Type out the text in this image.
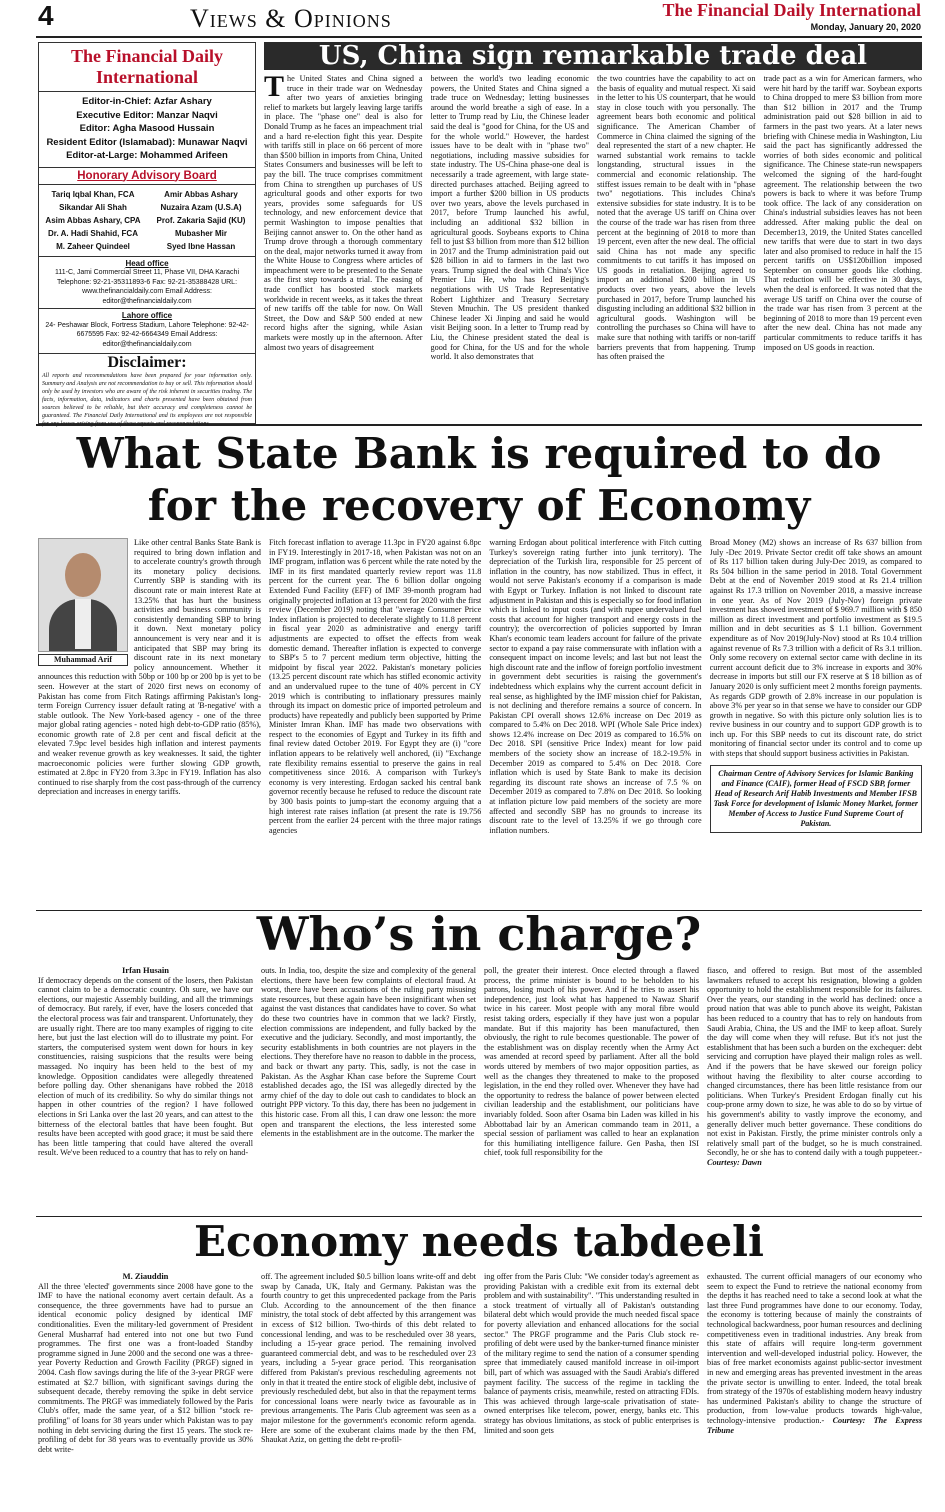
4	Views & Opinions	The Financial Daily International
Monday, January 20, 2020
The Financial Daily International
Editor-in-Chief: Azfar Ashary
Executive Editor: Manzar Naqvi
Editor: Agha Masood Hussain
Resident Editor (Islamabad): Munawar Naqvi
Editor-at-Large: Mohammed Arifeen
Honorary Advisory Board
Tariq Iqbal Khan, FCA	Amir Abbas Ashary
Sikandar Ali Shah	Nuzaira Azam (U.S.A)
Asim Abbas Ashary, CPA	Prof. Zakaria Sajid (KU)
Dr. A. Hadi Shahid, FCA	Mubasher Mir
M. Zaheer Quindeel	Syed Ibne Hassan
Head office
111-C, Jami Commercial Street 11, Phase VII, DHA Karachi Telephone: 92-21-35311893-6 Fax: 92-21-35388428 URL: www.thefinancialdaily.com Email Address: editor@thefinancialdaily.com
Lahore office
24- Peshawar Block, Fortress Stadium, Lahore Telephone: 92-42-6675595 Fax: 92-42-6664349 Email Address: editor@thefinancialdaily.com
Disclaimer:
All reports and recommendations have been prepared for your information only. Summary and Analysis are not recommendation to buy or sell. This information should only be used by investors who are aware of the risk inherent in securities trading. The facts, information, data, indicators and charts presented have been obtained from sources believed to be reliable, but their accuracy and completeness cannot be guaranteed. The Financial Daily International and its employees are not responsible
US, China sign remarkable trade deal
The United States and China signed a truce in their trade war on Wednesday after two years of anxieties bringing relief to markets but largely leaving large tariffs in place. The "phase one" deal is also for Donald Trump as he faces an impeachment trial and a hard re-election fight this year. Despite with tariffs still in place on 66 percent of more than $500 billion in imports from China, United States Consumers and businesses will be left to pay the bill. The truce comprises commitment from China to strengthen up purchases of US agricultural goods and other exports for two years, provides some safeguards for US technology, and new enforcement device that permit Washington to impose penalties that Beijing cannot answer to. On the other hand as Trump drove through a thorough commentary on the deal, major networks turned it away from the White House to Congress where articles of impeachment were to be presented to the Senate as the first step towards a trial. The easing of trade conflict has boosted stock markets worldwide in recent weeks, as it takes the threat of new tariffs off the table for now. On Wall Street, the Dow and S&P 500 ended at new record highs after the signing, while Asian markets were mostly up in the afternoon. After almost two years of disagreement
between the world's two leading economic powers, the United States and China signed a trade truce on Wednesday; letting businesses around the world breathe a sigh of ease. In a letter to Trump read by Liu, the Chinese leader said the deal is "good for China, for the US and for the whole world." However, the hardest issues have to be dealt with in "phase two" negotiations, including massive subsidies for state industry. The US-China phase-one deal is necessarily a trade agreement, with large state-directed purchases attached. Beijing agreed to import a further $200 billion in US products over two years, above the levels purchased in 2017, before Trump launched his awful, including an additional $32 billion in agricultural goods. Soybeans exports to China fell to just $3 billion from more than $12 billion in 2017 and the Trump administration paid out $28 billion in aid to farmers in the last two years. Trump signed the deal with China's Vice Premier Liu He, who has led Beijing's negotiations with US Trade Representative Robert Lighthizer and Treasury Secretary Steven Mnuchin. The US president thanked Chinese leader Xi Jinping and said he would visit Beijing soon. In a letter to Trump read by Liu, the Chinese president stated the deal is good for China, for the US and for the whole world. It also demonstrates that
the two countries have the capability to act on the basis of equality and mutual respect. Xi said in the letter to his US counterpart, that he would stay in close touch with you personally. The agreement bears both economic and political significance. The American Chamber of Commerce in China claimed the signing of the deal represented the start of a new chapter. He warned substantial work remains to tackle longstanding, structural issues in the commercial and economic relationship. The stiffest issues remain to be dealt with in "phase two" negotiations. This includes China's extensive subsidies for state industry. It is to be noted that the average US tariff on China over the course of the trade war has risen from three percent at the beginning of 2018 to more than 19 percent, even after the new deal. The official said China has not made any specific commitments to cut tariffs it has imposed on US goods in retaliation. Beijing agreed to import an additional $200 billion in US products over two years, above the levels purchased in 2017, before Trump launched his disgusting including an additional $32 billion in agricultural goods. Washington will be controlling the purchases so China will have to make sure that nothing with tariffs or non-tariff barriers prevents that from happening. Trump has often praised the
trade pact as a win for American farmers, who were hit hard by the tariff war. Soybean exports to China dropped to mere $3 billion from more than $12 billion in 2017 and the Trump administration paid out $28 billion in aid to farmers in the past two years. At a later news briefing with Chinese media in Washington, Liu said the pact has significantly addressed the worries of both sides economic and political significance. The Chinese state-run newspapers welcomed the signing of the hard-fought agreement. The relationship between the two powers is back to where it was before Trump took office. The lack of any consideration on China's industrial subsidies leaves has not been addressed. After making public the deal on December13, 2019, the United States cancelled new tariffs that were due to start in two days later and also promised to reduce in half the 15 percent tariffs on US$120billion imposed September on consumer goods like clothing. That reduction will be effective in 30 days, when the deal is enforced. It was noted that the average US tariff on China over the course of the trade war has risen from 3 percent at the beginning of 2018 to more than 19 percent even after the new deal. China has not made any particular commitments to reduce tariffs it has imposed on US goods in reaction.
What State Bank is required to do for the recovery of Economy
Muhammad Arif
Like other central Banks State Bank is required to bring down inflation and to accelerate country's growth through its monetary policy decisions. Currently SBP is standing with its discount rate or main interest Rate at 13.25% that has hurt the business activities and business community is consistently demanding SBP to bring it down. Next monetary policy announcement is very near and it is anticipated that SBP may bring its discount rate in its next monetary policy announcement. Whether it announces this reduction with 50bp or 100 bp or 200 bp is yet to be seen. However at the start of 2020 first news on economy of Pakistan has come from Fitch Ratings affirming Pakistan's long-term Foreign Currency issuer default rating at 'B-negative' with a stable outlook. The New York-based agency - one of the three major global rating agencies - noted high debt-to-GDP ratio (85%), economic growth rate of 2.8 per cent and fiscal deficit at the elevated 7.9pc level besides high inflation and interest payments and weaker revenue growth as key weaknesses. It said, the tighter macroeconomic policies were further slowing GDP growth, estimated at 2.8pc in FY20 from 3.3pc in FY19. Inflation has also continued to rise sharply from the cost pass-through of the currency depreciation and increases in energy tariffs.
Fitch forecast inflation to average 11.3pc in FY20 against 6.8pc in FY19. Interestingly in 2017-18, when Pakistan was not on an IMF program, inflation was 6 percent while the rate noted by the IMF in its first mandated quarterly review report was 11.8 percent for the current year. The 6 billion dollar ongoing Extended Fund Facility (EFF) of IMF 39-month program had originally projected inflation at 13 percent for 2020 with the first review (December 2019) noting that "average Consumer Price Index inflation is projected to decelerate slightly to 11.8 percent in fiscal year 2020 as administrative and energy tariff adjustments are expected to offset the effects from weak domestic demand. Thereafter inflation is expected to converge to SBP's 5 to 7 percent medium term objective, hitting the midpoint by fiscal year 2022. Pakistan's monetary policies (13.25 percent discount rate which has stifled economic activity and an undervalued rupee to the tune of 40% percent in CY 2019 which is contributing to inflationary pressures mainly through its impact on domestic price of imported petroleum and products) have repeatedly and publicly been supported by Prime Minister Imran Khan. IMF has made two observations with respect to the economies of Egypt and Turkey in its fifth and final review dated October 2019. For Egypt they are (i) "core inflation appears to be relatively well anchored, (ii) "Exchange rate flexibility remains essential to preserve the gains in real competitiveness since 2016. A comparison with Turkey's economy is very interesting. Erdogan sacked his central bank governor recently because he refused to reduce the discount rate by 300 basis points to jump-start the economy arguing that a high interest rate raises inflation (at present the rate is 19.756 percent from the earlier 24 percent with the three major ratings agencies
warning Erdogan about political interference with Fitch cutting Turkey's sovereign rating further into junk territory). The depreciation of the Turkish lira, responsible for 25 percent of inflation in the country, has now stabilized. Thus in effect, it would not serve Pakistan's economy if a comparison is made with Egypt or Turkey. Inflation is not linked to discount rate adjustment in Pakistan and this is especially so for food inflation which is linked to input costs (and with rupee undervalued fuel costs that account for higher transport and energy costs in the country); the overcorrection of policies supported by Imran Khan's economic team leaders account for failure of the private sector to expand a pay raise commensurate with inflation with a consequent impact on income levels; and last but not least the high discount rate and the inflow of foreign portfolio investment in government debt securities is raising the government's indebtedness which explains why the current account deficit in real sense, as highlighted by the IMF mission chief for Pakistan, is not declining and therefore remains a source of concern. In Pakistan CPI overall shows 12.6% increase on Dec 2019 as compared to 5.4% on Dec 2018. WPI (Whole Sale Price index) shows 12.4% increase on Dec 2019 as compared to 16.5% on Dec 2018. SPI (sensitive Price Index) meant for low paid members of the society show an increase of 18.2-19.5% in December 2019 as compared to 5.4% on Dec 2018. Core inflation which is used by State Bank to make its decision regarding its discount rate shows an increase of 7.5 % on December 2019 as compared to 7.8% on Dec 2018. So looking at inflation picture low paid members of the society are more affected and secondly SBP has no grounds to increase its discount rate to the level of 13.25% if we go through core inflation numbers.
Broad Money (M2) shows an increase of Rs 637 billion from July -Dec 2019. Private Sector credit off take shows an amount of Rs 117 billion taken during July-Dec 2019, as compared to Rs 504 billion in the same period in 2018. Total Government Debt at the end of November 2019 stood at Rs 21.4 trillion against Rs 17.3 trillion on November 2018, a massive increase in one year. As of Nov 2019 (July-Nov) foreign private investment has showed investment of $ 969.7 million with $ 850 million as direct investment and portfolio investment as $19.5 million and in debt securities as $ 1.1 billion. Government expenditure as of Nov 2019(July-Nov) stood at Rs 10.4 trillion against revenue of Rs 7.3 trillion with a deficit of Rs 3.1 trillion. Only some recovery on external sector came with decline in its current account deficit due to 3% increase in exports and 30% decrease in imports but still our FX reserve at $ 18 billion as of January 2020 is only sufficient meet 2 months foreign payments. As regards GDP growth of 2.8% increase in our population is above 3% per year so in that sense we have to consider our GDP growth in negative. So with this picture only solution lies is to revive business in our country and to support GDP growth is to inch up. For this SBP needs to cut its discount rate, do strict monitoring of financial sector under its control and to come up with steps that should support business activities in Pakistan.
Chairman Centre of Advisory Services for Islamic Banking and Finance (CAIF), former Head of FSCD SBP, former Head of Research Arif Habib Investments and Member IFSB Task Force for development of Islamic Money Market, former Member of Access to Justice Fund Supreme Court of Pakistan.
Who’s in charge?
Irfan Husain
If democracy depends on the consent of the losers, then Pakistan cannot claim to be a democratic country. Oh sure, we have our elections, our majestic Assembly building, and all the trimmings of democracy. But rarely, if ever, have the losers conceded that the electoral process was fair and transparent. Unfortunately, they are usually right. There are too many examples of rigging to cite here, but just the last election will do to illustrate my point. For starters, the computerised system went down for hours in key constituencies, raising suspicions that the results were being massaged. No inquiry has been held to the best of my knowledge. Opposition candidates were allegedly threatened before polling day. Other shenanigans have robbed the 2018 election of much of its credibility. So why do similar things not happen in other countries of the region? I have followed elections in Sri Lanka over the last 20 years, and can attest to the bitterness of the electoral battles that have been fought. But results have been accepted with good grace; it must be said there has been little tampering that could have altered the overall result. We've been reduced to a country that has to rely on hand-
outs. In India, too, despite the size and complexity of the general elections, there have been few complaints of electoral fraud. At worst, there have been accusations of the ruling party misusing state resources, but these again have been insignificant when set against the vast distances that candidates have to cover. So what do these two countries have in common that we lack? Firstly, election commissions are independent, and fully backed by the executive and the judiciary. Secondly, and most importantly, the security establishments in both countries are not players in the elections. They therefore have no reason to dabble in the process, and back or thwart any party. This, sadly, is not the case in Pakistan. As the Asghar Khan case before the Supreme Court established decades ago, the ISI was allegedly directed by the army chief of the day to dole out cash to candidates to block an outright PPP victory. To this day, there has been no judgement in this historic case. From all this, I can draw one lesson: the more open and transparent the elections, the less interested some elements in the establishment are in the outcome. The marker the
poll, the greater their interest. Once elected through a flawed process, the prime minister is bound to be beholden to his patrons, losing much of his power. And if he tries to assert his independence, just look what has happened to Nawaz Sharif twice in his career. Most people with any moral fibre would resist taking orders, especially if they have just won a popular mandate. But if this majority has been manufactured, then obviously, the right to rule becomes questionable. The power of the establishment was on display recently when the Army Act was amended at record speed by parliament. After all the bold words uttered by members of two major opposition parties, as well as the changes they threatened to make to the proposed legislation, in the end they rolled over. Whenever they have had the opportunity to redress the balance of power between elected civilian leadership and the establishment, our politicians have invariably folded. Soon after Osama bin Laden was killed in his Abbottabad lair by an American commando team in 2011, a special session of parliament was called to hear an explanation for this humiliating intelligence failure. Gen Pasha, then ISI chief, took full responsibility for the
fiasco, and offered to resign. But most of the assembled lawmakers refused to accept his resignation, blowing a golden opportunity to hold the establishment responsible for its failures. Over the years, our standing in the world has declined: once a proud nation that was able to punch above its weight, Pakistan has been reduced to a country that has to rely on handouts from Saudi Arabia, China, the US and the IMF to keep afloat. Surely the day will come when they will refuse. But it's not just the establishment that has been such a burden on the exchequer: debt servicing and corruption have played their malign roles as well. And if the powers that be have skewed our foreign policy without having the flexibility to alter course according to changed circumstances, there has been little resistance from our politicians. When Turkey's President Erdogan finally cut his coup-prone army down to size, he was able to do so by virtue of his government's ability to vastly improve the economy, and generally deliver much better governance. These conditions do not exist in Pakistan. Firstly, the prime minister controls only a relatively small part of the budget, so he is much constrained. Secondly, he or she has to contend daily with a tough puppeteer.- Courtesy: Dawn
Economy needs tabdeeli
M. Ziauddin
All the three 'elected' governments since 2008 have gone to the IMF to have the national economy avert certain default. As a consequence, the three governments have had to pursue an identical economic policy designed by identical IMF conditionalities. Even the military-led government of President General Musharraf had entered into not one but two Fund programmes. The first one was a front-loaded Standby programme signed in June 2000 and the second one was a three-year Poverty Reduction and Growth Facility (PRGF) signed in 2004. Cash flow savings during the life of the 3-year PRGF were estimated at $2.7 billion, with significant savings during the subsequent decade, thereby removing the spike in debt service commitments. The PRGF was immediately followed by the Paris Club's offer, made the same year, of a $12 billion "stock re-profiling" of loans for 38 years under which Pakistan was to pay nothing in debt servicing during the first 15 years. The stock re-profiling of debt for 38 years was to eventually provide us 30% debt write-
off. The agreement included $0.5 billion loans write-off and debt swap by Canada, UK, Italy and Germany. Pakistan was the fourth country to get this unprecedented package from the Paris Club. According to the announcement of the then finance ministry, the total stock of debt affected by this arrangement was in excess of $12 billion. Two-thirds of this debt related to concessional lending, and was to be rescheduled over 38 years, including a 15-year grace period. The remaining involved guaranteed commercial debt, and was to be rescheduled over 23 years, including a 5-year grace period. This reorganisation differed from Pakistan's previous rescheduling agreements not only in that it treated the entire stock of eligible debt, inclusive of previously rescheduled debt, but also in that the repayment terms for concessional loans were nearly twice as favourable as in previous arrangements. The Paris Club agreement was seen as a major milestone for the government's economic reform agenda. Here are some of the exuberant claims made by the then FM, Shaukat Aziz, on getting the debt re-profil-
ing offer from the Paris Club: "We consider today's agreement as providing Pakistan with a credible exit from its external debt problem and with sustainability". "This understanding resulted in a stock treatment of virtually all of Pakistan's outstanding bilateral debt which would provide the much needed fiscal space for poverty alleviation and enhanced allocations for the social sector." The PRGF programme and the Paris Club stock re-profiling of debt were used by the banker-turned finance minister of the military regime to send the nation of a consumer spending spree that immediately caused manifold increase in oil-import bill, part of which was assuaged with the Saudi Arabia's differed payment facility. The success of the regime in tackling the balance of payments crisis, meanwhile, rested on attracting FDIs. This was achieved through large-scale privatisation of state-owned enterprises like telecom, power, energy, banks etc. This strategy has obvious limitations, as stock of public enterprises is limited and soon gets
exhausted. The current official managers of our economy who seem to expect the Fund to retrieve the national economy from the depths it has reached need to take a second look at what the last three Fund programmes have done to our economy. Today, the economy is tottering because of mainly the constraints of technological backwardness, poor human resources and declining competitiveness even in traditional industries. Any break from this state of affairs will require long-term government intervention and well-developed industrial policy. However, the bias of free market economists against public-sector investment in new and emerging areas has prevented investment in the areas the private sector is unwilling to enter. Indeed, the total break from strategy of the 1970s of establishing modern heavy industry has undermined Pakistan's ability to change the structure of production, from low-value products towards high-value, technology-intensive production.- Courtesy: The Express Tribune
